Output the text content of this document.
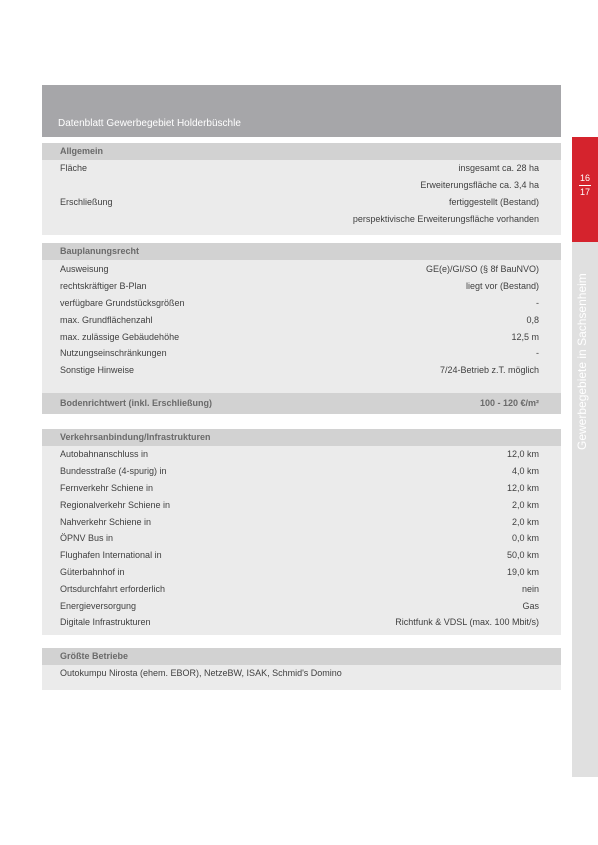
Datenblatt Gewerbegebiet Holderbüschle
Allgemein
Fläche	insgesamt ca. 28 ha
Erweiterungsfläche ca. 3,4 ha
Erschließung	fertiggestellt (Bestand)
perspektivische Erweiterungsfläche vorhanden
Bauplanungsrecht
Ausweisung	GE(e)/GI/SO (§ 8f BauNVO)
rechtskräftiger B-Plan	liegt vor (Bestand)
verfügbare Grundstücksgrößen	-
max. Grundflächenzahl	0,8
max. zulässige Gebäudehöhe	12,5 m
Nutzungseinschränkungen	-
Sonstige Hinweise	7/24-Betrieb z.T. möglich
Bodenrichtwert (inkl. Erschließung)	100 - 120 €/m²
Verkehrsanbindung/Infrastrukturen
Autobahnanschluss in	12,0 km
Bundesstraße (4-spurig) in	4,0 km
Fernverkehr Schiene in	12,0 km
Regionalverkehr Schiene in	2,0 km
Nahverkehr Schiene in	2,0 km
ÖPNV Bus in	0,0 km
Flughafen International in	50,0 km
Güterbahnhof in	19,0 km
Ortsdurchfahrt erforderlich	nein
Energieversorgung	Gas
Digitale Infrastrukturen	Richtfunk & VDSL (max. 100 Mbit/s)
Größte Betriebe
Outokumpu Nirosta (ehem. EBOR), NetzeBW, ISAK, Schmid's Domino
16
17
Gewerbegebiete in Sachsenheim
